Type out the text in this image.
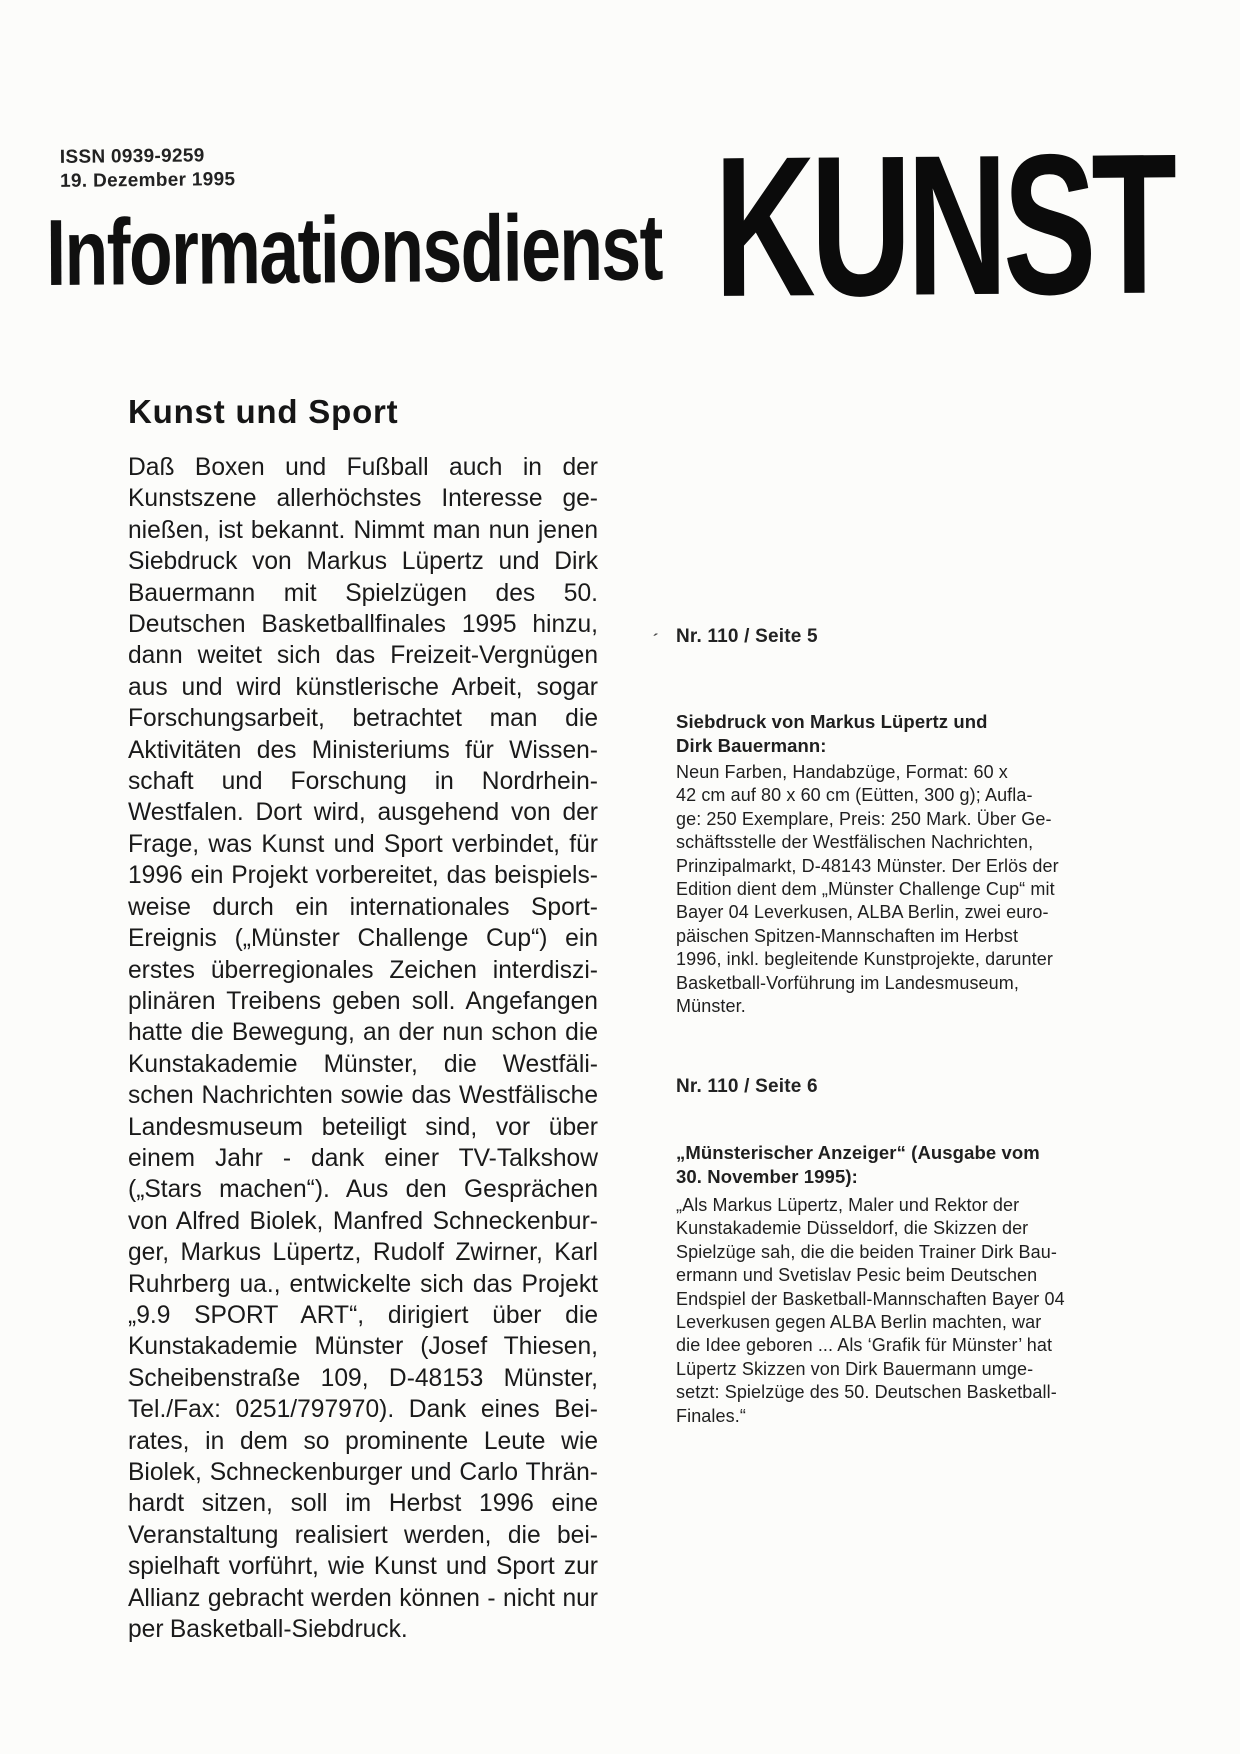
ISSN 0939-9259
19. Dezember 1995
Informationsdienst KUNST
Kunst und Sport
Daß Boxen und Fußball auch in der
Kunstszene allerhöchstes Interesse ge-
nießen, ist bekannt. Nimmt man nun jenen
Siebdruck von Markus Lüpertz und Dirk
Bauermann mit Spielzügen des 50.
Deutschen Basketballfinales 1995 hinzu,
dann weitet sich das Freizeit-Vergnügen
aus und wird künstlerische Arbeit, sogar
Forschungsarbeit, betrachtet man die
Aktivitäten des Ministeriums für Wissen-
schaft und Forschung in Nordrhein-
Westfalen. Dort wird, ausgehend von der
Frage, was Kunst und Sport verbindet, für
1996 ein Projekt vorbereitet, das beispiels-
weise durch ein internationales Sport-
Ereignis („Münster Challenge Cup“) ein
erstes überregionales Zeichen interdiszi-
plinären Treibens geben soll. Angefangen
hatte die Bewegung, an der nun schon die
Kunstakademie Münster, die Westfäli-
schen Nachrichten sowie das Westfälische
Landesmuseum beteiligt sind, vor über
einem Jahr - dank einer TV-Talkshow
(„Stars machen“). Aus den Gesprächen
von Alfred Biolek, Manfred Schneckenbur-
ger, Markus Lüpertz, Rudolf Zwirner, Karl
Ruhrberg ua., entwickelte sich das Projekt
„9.9 SPORT ART“, dirigiert über die
Kunstakademie Münster (Josef Thiesen,
Scheibenstraße 109, D-48153 Münster,
Tel./Fax: 0251/797970). Dank eines Bei-
rates, in dem so prominente Leute wie
Biolek, Schneckenburger und Carlo Thrän-
hardt sitzen, soll im Herbst 1996 eine
Veranstaltung realisiert werden, die bei-
spielhaft vorführt, wie Kunst und Sport zur
Allianz gebracht werden können - nicht nur
per Basketball-Siebdruck.
´ Nr. 110 / Seite 5
Siebdruck von Markus Lüpertz und
Dirk Bauermann:
Neun Farben, Handabzüge, Format: 60 x
42 cm auf 80 x 60 cm (Eütten, 300 g); Aufla-
ge: 250 Exemplare, Preis: 250 Mark. Über Ge-
schäftsstelle der Westfälischen Nachrichten,
Prinzipalmarkt, D-48143 Münster. Der Erlös der
Edition dient dem „Münster Challenge Cup“ mit
Bayer 04 Leverkusen, ALBA Berlin, zwei euro-
päischen Spitzen-Mannschaften im Herbst
1996, inkl. begleitende Kunstprojekte, darunter
Basketball-Vorführung im Landesmuseum,
Münster.
Nr. 110 / Seite 6
„Münsterischer Anzeiger“ (Ausgabe vom
30. November 1995):
„Als Markus Lüpertz, Maler und Rektor der
Kunstakademie Düsseldorf, die Skizzen der
Spielzüge sah, die die beiden Trainer Dirk Bau-
ermann und Svetislav Pesic beim Deutschen
Endspiel der Basketball-Mannschaften Bayer 04
Leverkusen gegen ALBA Berlin machten, war
die Idee geboren ... Als ‘Grafik für Münster’ hat
Lüpertz Skizzen von Dirk Bauermann umge-
setzt: Spielzüge des 50. Deutschen Basketball-
Finales.“
